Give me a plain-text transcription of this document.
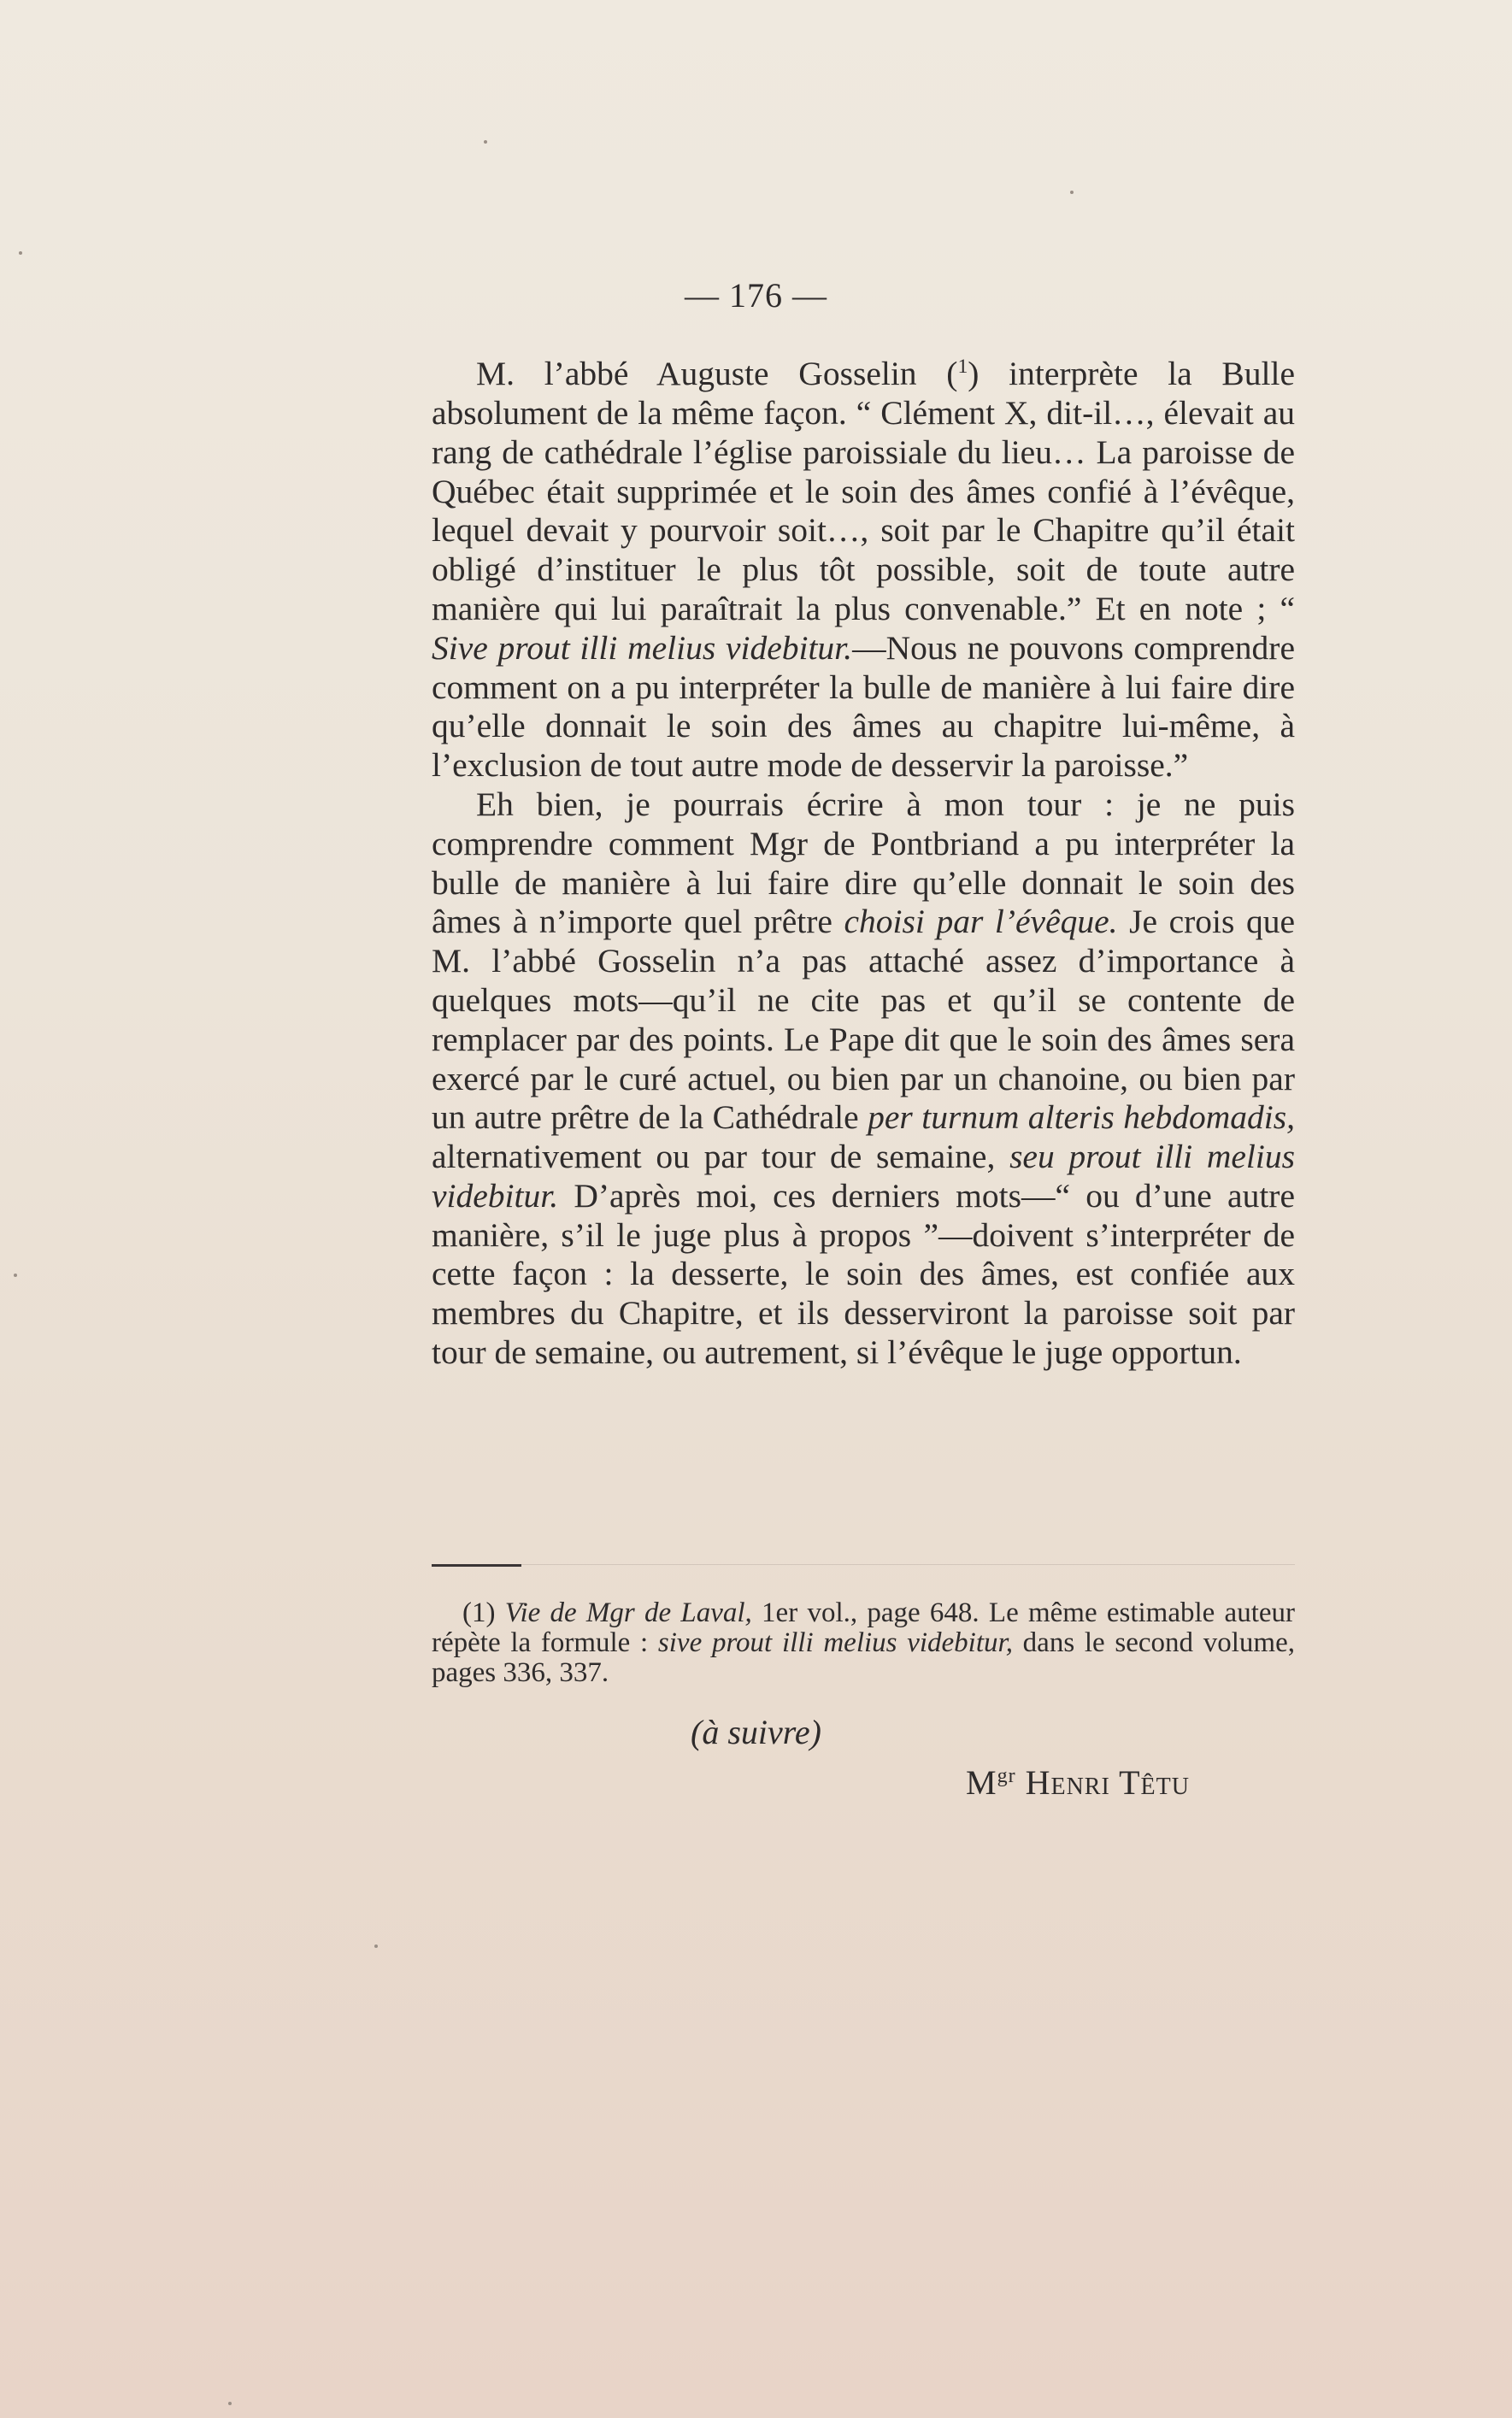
— 176 —

M. l’abbé Auguste Gosselin ($^1$) interprète la Bulle absolument de la même façon. “ Clément X, dit-il…, élevait au rang de cathédrale l’église paroissiale du lieu… La paroisse de Québec était supprimée et le soin des âmes confié à l’évêque, lequel devait y pourvoir soit…, soit par le Chapitre qu’il était obligé d’instituer le plus tôt possible, soit de toute autre manière qui lui paraîtrait la plus convenable.” Et en note ; “ Sive prout illi melius videbitur.—Nous ne pouvons comprendre comment on a pu interpréter la bulle de manière à lui faire dire qu’elle donnait le soin des âmes au chapitre lui-même, à l’exclusion de tout autre mode de desservir la paroisse.”

Eh bien, je pourrais écrire à mon tour : je ne puis comprendre comment Mgr de Pontbriand a pu interpréter la bulle de manière à lui faire dire qu’elle donnait le soin des âmes à n’importe quel prêtre choisi par l’évêque. Je crois que M. l’abbé Gosselin n’a pas attaché assez d’importance à quelques mots—qu’il ne cite pas et qu’il se contente de remplacer par des points. Le Pape dit que le soin des âmes sera exercé par le curé actuel, ou bien par un chanoine, ou bien par un autre prêtre de la Cathédrale per turnum alteris hebdomadis, alternativement ou par tour de semaine, seu prout illi melius videbitur. D’après moi, ces derniers mots—“ ou d’une autre manière, s’il le juge plus à propos ”—doivent s’interpréter de cette façon : la desserte, le soin des âmes, est confiée aux membres du Chapitre, et ils desserviront la paroisse soit par tour de semaine, ou autrement, si l’évêque le juge opportun.

(1) Vie de Mgr de Laval, 1er vol., page 648. Le même estimable auteur répète la formule : sive prout illi melius videbitur, dans le second volume, pages 336, 337.

(à suivre)
$M^{gr}$ Henri Têtu
